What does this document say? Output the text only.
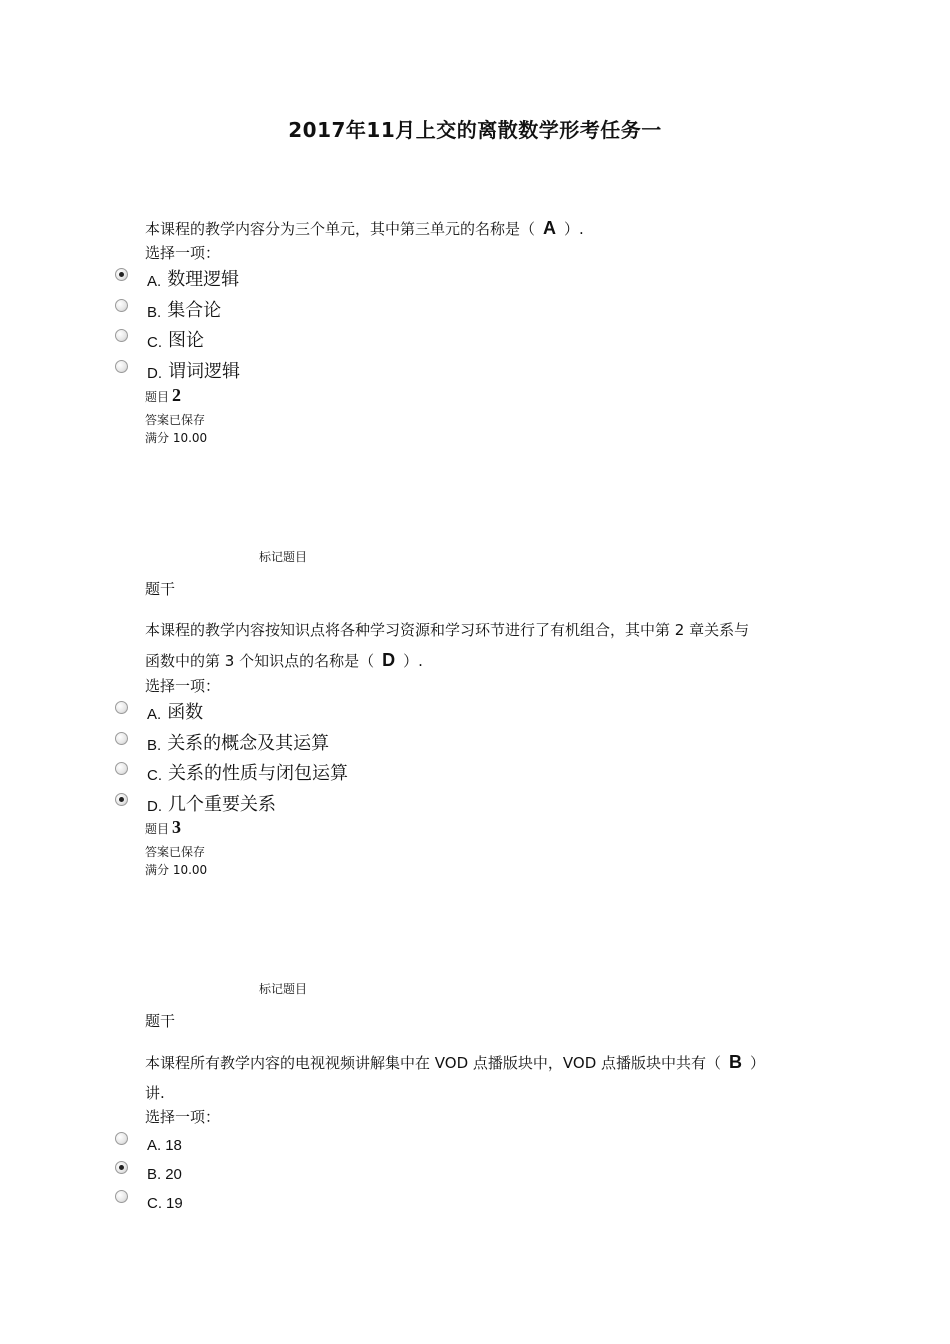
2017年11月上交的离散数学形考任务一
本课程的教学内容分为三个单元，其中第三单元的名称是（ A ）.
选择一项：
A. 数理逻辑
B. 集合论
C. 图论
D. 谓词逻辑
题目 2
答案已保存
满分 10.00
标记题目
题干
本课程的教学内容按知识点将各种学习资源和学习环节进行了有机组合，其中第 2 章关系与
函数中的第 3 个知识点的名称是（ D ）.
选择一项：
A. 函数
B. 关系的概念及其运算
C. 关系的性质与闭包运算
D. 几个重要关系
题目 3
答案已保存
满分 10.00
标记题目
题干
本课程所有教学内容的电视视频讲解集中在 VOD 点播版块中，VOD 点播版块中共有（ B ）
讲.
选择一项：
A. 18
B. 20
C. 19
